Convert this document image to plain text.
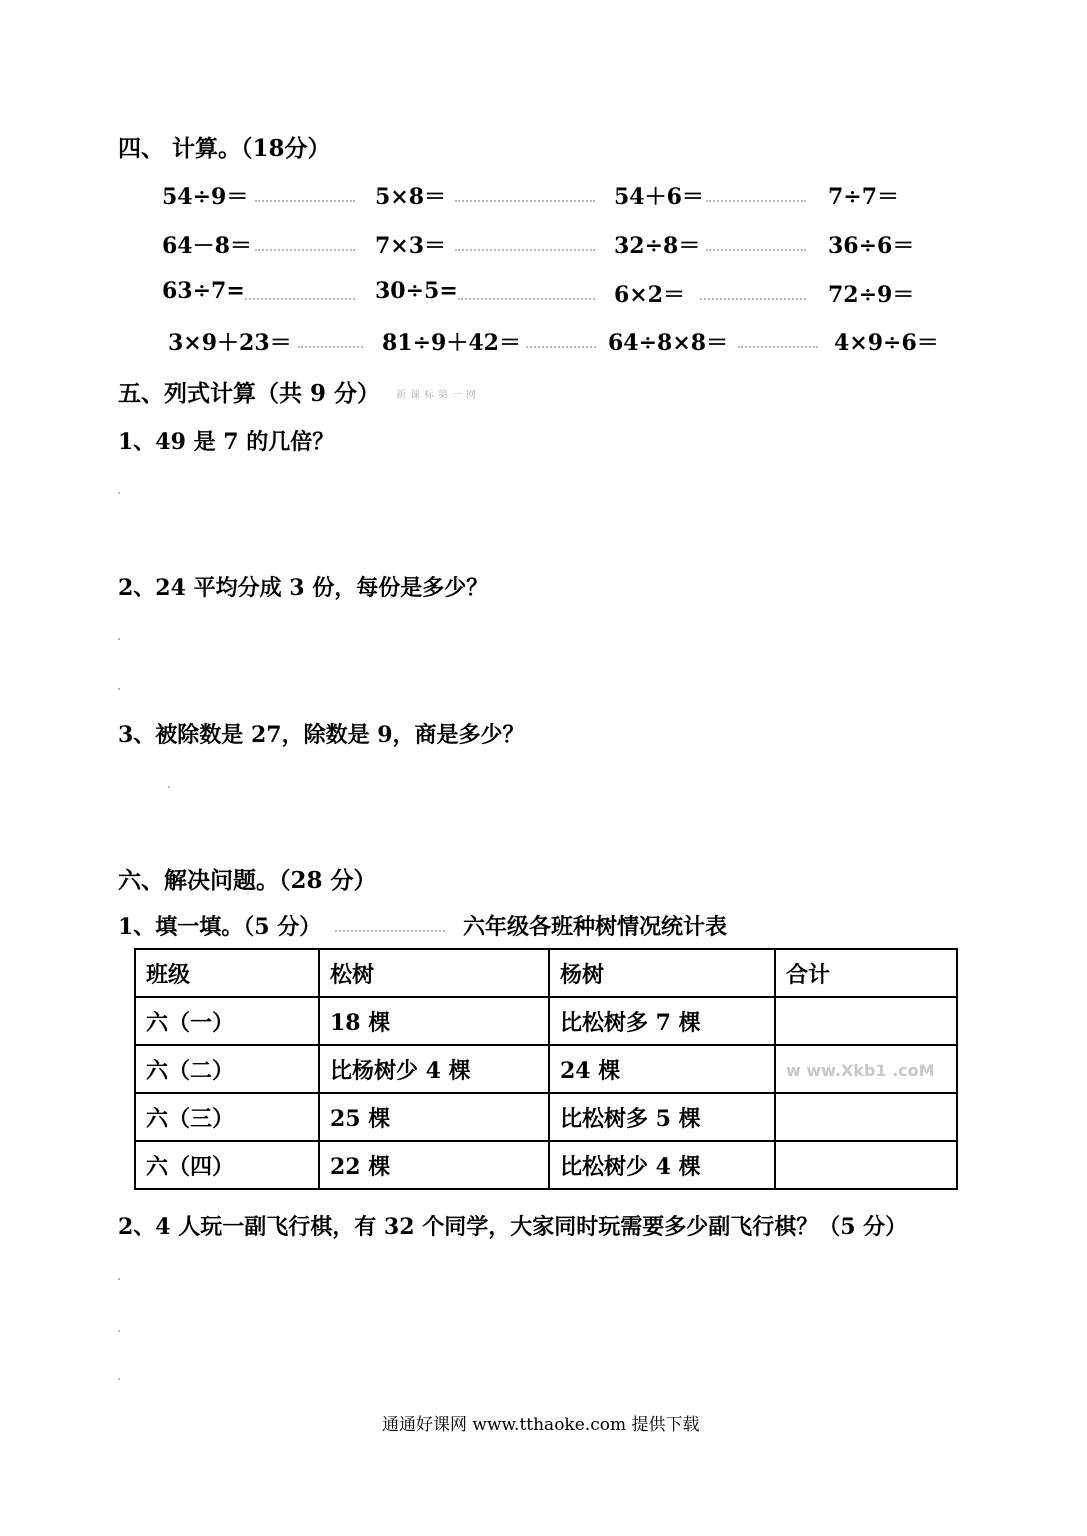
四、 计算。（18分）
54÷9＝	5×8＝	54＋6＝	7÷7＝
64－8＝	7×3＝	32÷8＝	36÷6＝
63÷7=	30÷5=	6×2＝	72÷9＝
3×9＋23＝	81÷9＋42＝	64÷8×8＝	4×9÷6＝
五、列式计算（共 9 分） 新课标第一网
1、49 是 7 的几倍？
2、24 平均分成 3 份，每份是多少？
3、被除数是 27，除数是 9，商是多少？
六、解决问题。（28 分）
1、填一填。（5 分）	六年级各班种树情况统计表
班级	松树	杨树	合计
六（一）	18 棵	比松树多 7 棵	
六（二）	比杨树少 4 棵	24 棵	w ww.Xkb1 .coM
六（三）	25 棵	比松树多 5 棵	
六（四）	22 棵	比松树少 4 棵	
2、4 人玩一副飞行棋，有 32 个同学，大家同时玩需要多少副飞行棋？（5 分）
通通好课网 www.tthaoke.com 提供下载
